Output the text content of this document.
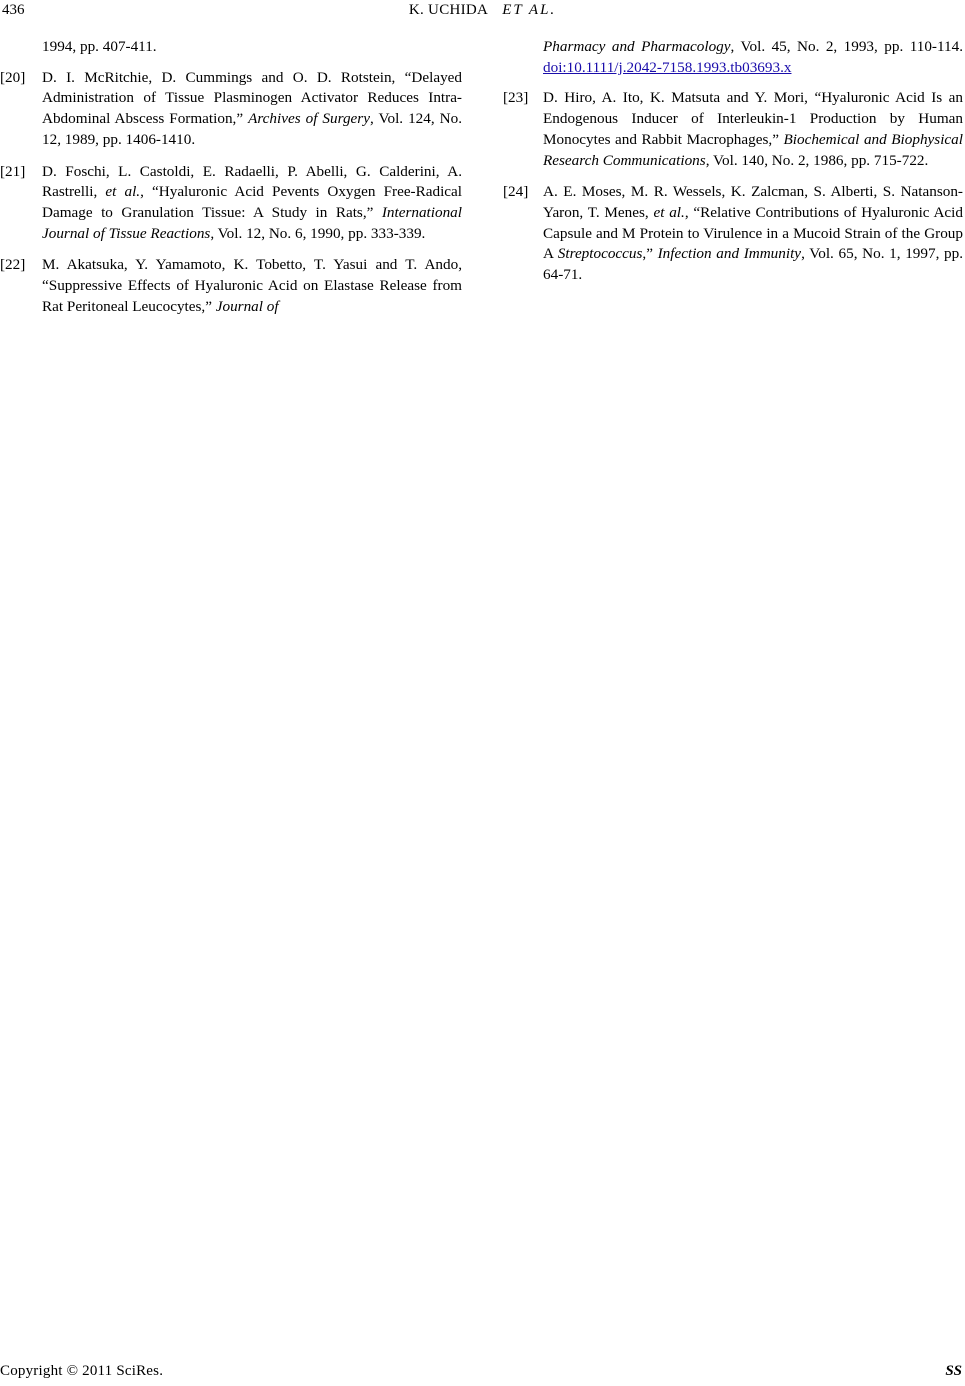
436	K. UCHIDA ET AL.
1994, pp. 407-411.
[20] D. I. McRitchie, D. Cummings and O. D. Rotstein, “Delayed Administration of Tissue Plasminogen Activator Reduces Intra-Abdominal Abscess Formation,” Archives of Surgery, Vol. 124, No. 12, 1989, pp. 1406-1410.
[21] D. Foschi, L. Castoldi, E. Radaelli, P. Abelli, G. Calderini, A. Rastrelli, et al., “Hyaluronic Acid Pevents Oxygen Free-Radical Damage to Granulation Tissue: A Study in Rats,” International Journal of Tissue Reactions, Vol. 12, No. 6, 1990, pp. 333-339.
[22] M. Akatsuka, Y. Yamamoto, K. Tobetto, T. Yasui and T. Ando, “Suppressive Effects of Hyaluronic Acid on Elastase Release from Rat Peritoneal Leucocytes,” Journal of
Pharmacy and Pharmacology, Vol. 45, No. 2, 1993, pp. 110-114. doi:10.1111/j.2042-7158.1993.tb03693.x
[23] D. Hiro, A. Ito, K. Matsuta and Y. Mori, “Hyaluronic Acid Is an Endogenous Inducer of Interleukin-1 Production by Human Monocytes and Rabbit Macrophages,” Biochemical and Biophysical Research Communications, Vol. 140, No. 2, 1986, pp. 715-722.
[24] A. E. Moses, M. R. Wessels, K. Zalcman, S. Alberti, S. Natanson-Yaron, T. Menes, et al., “Relative Contributions of Hyaluronic Acid Capsule and M Protein to Virulence in a Mucoid Strain of the Group A Streptococcus,” Infection and Immunity, Vol. 65, No. 1, 1997, pp. 64-71.
Copyright © 2011 SciRes.	SS
